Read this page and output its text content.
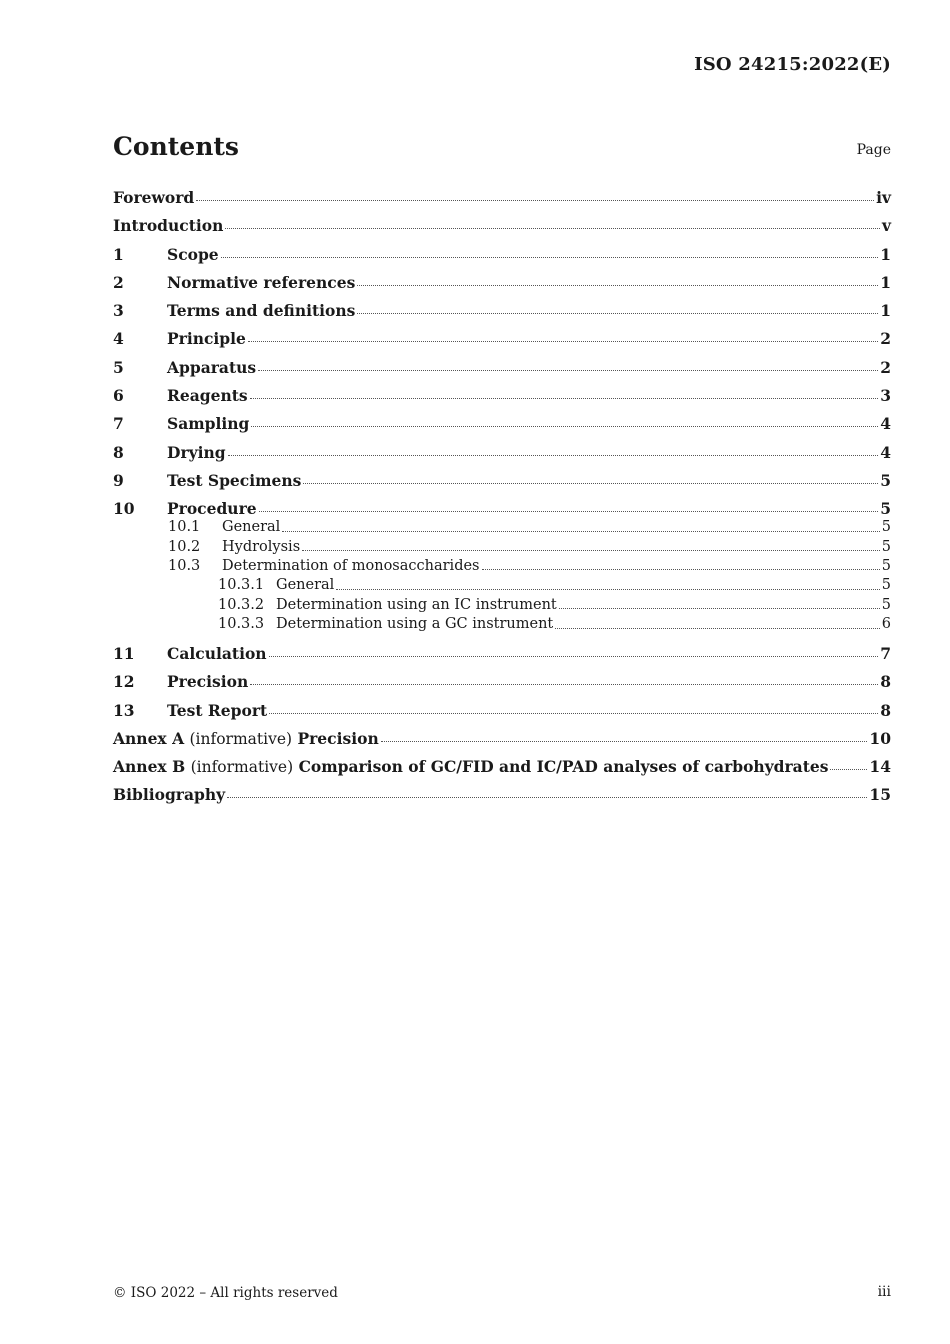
ISO 24215:2022(E)
Contents	Page
Foreword	iv
Introduction	v
1	Scope	1
2	Normative references	1
3	Terms and definitions	1
4	Principle	2
5	Apparatus	2
6	Reagents	3
7	Sampling	4
8	Drying	4
9	Test Specimens	5
10	Procedure	5
10.1	General	5
10.2	Hydrolysis	5
10.3	Determination of monosaccharides	5
10.3.1 General	5
10.3.2 Determination using an IC instrument	5
10.3.3 Determination using a GC instrument	6
11	Calculation	7
12	Precision	8
13	Test Report	8
Annex A (informative) Precision	10
Annex B (informative) Comparison of GC/FID and IC/PAD analyses of carbohydrates	14
Bibliography	15
© ISO 2022 – All rights reserved	iii
